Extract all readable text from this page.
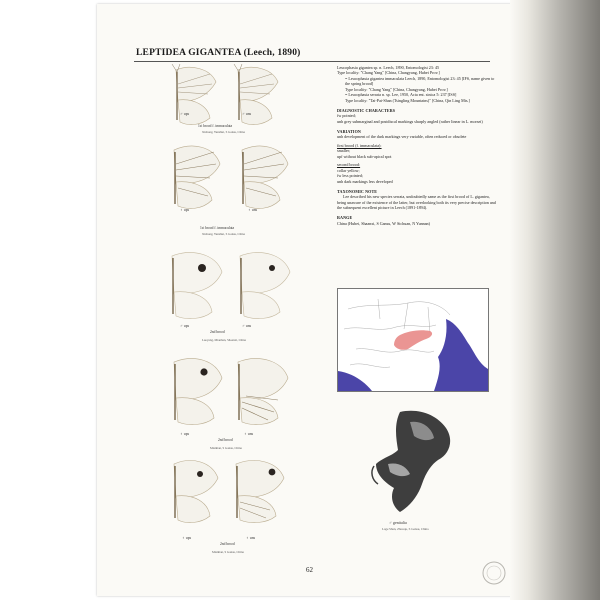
LEPTIDEA GIGANTEA (Leech, 1890)
♂ ups	♂ uns
1st brood f. immaculata
Xishong, Yunshui, S Gansu, China
♀ ups	♀ uns
1st brood f. immaculata
Xishong, Yunshui, S Gansu, China
♂ ups	♂ uns
2nd brood
Luoyang, Mianhan, Shaanxi, China
♀ ups	♀ uns
2nd brood
Mianhan, S Gansu, China
♀ ups	♀ uns
2nd brood
Mianhan, S Gansu, China
Leucophasia gigantea sp. n. Leech, 1890, Entomologist 23: 45
Type locality: "Chang Yang" [China, Changyang, Hubei Prov.]
= Leucophasia gigantea immaculata Leech, 1890, Entomologist 23: 45 [IFS, name given to the spring brood]
Type locality: "Chang Yang" [China, Changyang, Hubei Prov.]
= Leucophasia serrata n. sp. Lee, 1950, Acta ent. sinica 5: 237 [ISS]
Type locality: "Tai-Pai-Shan (Tsingling Mountains)" [China, Qin Ling Mts.]
DIAGNOSTIC CHARACTERS
fw pointed;
unh grey submarginal and postdiscal markings sharply angled (rather linear in L. morsei)
VARIATION
unh development of the dark markings very variable, often reduced or obsolete
first brood (f. immaculata):
smaller;
upf without black sub-apical spot
second brood:
collar yellow;
fw less pointed;
unh dark markings less developed
TAXONOMIC NOTE
Lee described his new species serrata, undoubtedly same as the first brood of L. gigantea, being unaware of the existence of the latter, but overlooking both its very precise description and the subsequent excellent picture in Leech (1891-1894).
RANGE
China (Hubei, Shaanxi, S Gansu, W Sichuan, N Yunnan)
♂ genitalia
Lage Shan, Zhouqu, S Gansu, China
62
